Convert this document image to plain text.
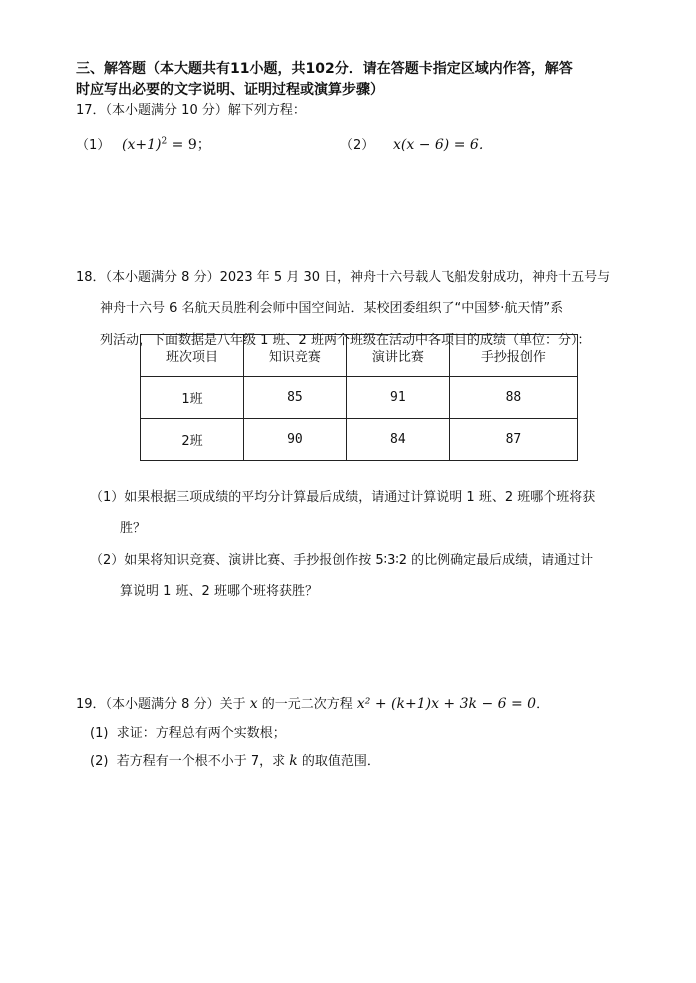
三、解答题（本大题共有11小题，共102分．请在答题卡指定区域内作答，解答
时应写出必要的文字说明、证明过程或演算步骤）
17．（本小题满分 10 分）解下列方程：
（1） $(x+1)^2 = 9$；	（2） x(x − 6) = 6．
18．（本小题满分 8 分）2023 年 5 月 30 日，神舟十六号载人飞船发射成功，神舟十五号与
神舟十六号 6 名航天员胜利会师中国空间站．某校团委组织了“中国梦·航天情”系
列活动，下面数据是八年级 1 班、2 班两个班级在活动中各项目的成绩（单位：分）：
班次项目	知识竞赛	演讲比赛	手抄报创作
1班	85	91	88
2班	90	84	87
（1）如果根据三项成绩的平均分计算最后成绩，请通过计算说明 1 班、2 班哪个班将获
胜？
（2）如果将知识竞赛、演讲比赛、手抄报创作按 5∶3∶2 的比例确定最后成绩，请通过计
算说明 1 班、2 班哪个班将获胜？
19．（本小题满分 8 分）关于 x 的一元二次方程 x² + (k+1)x + 3k − 6 = 0．
(1) 求证：方程总有两个实数根；
(2) 若方程有一个根不小于 7，求 k 的取值范围．
